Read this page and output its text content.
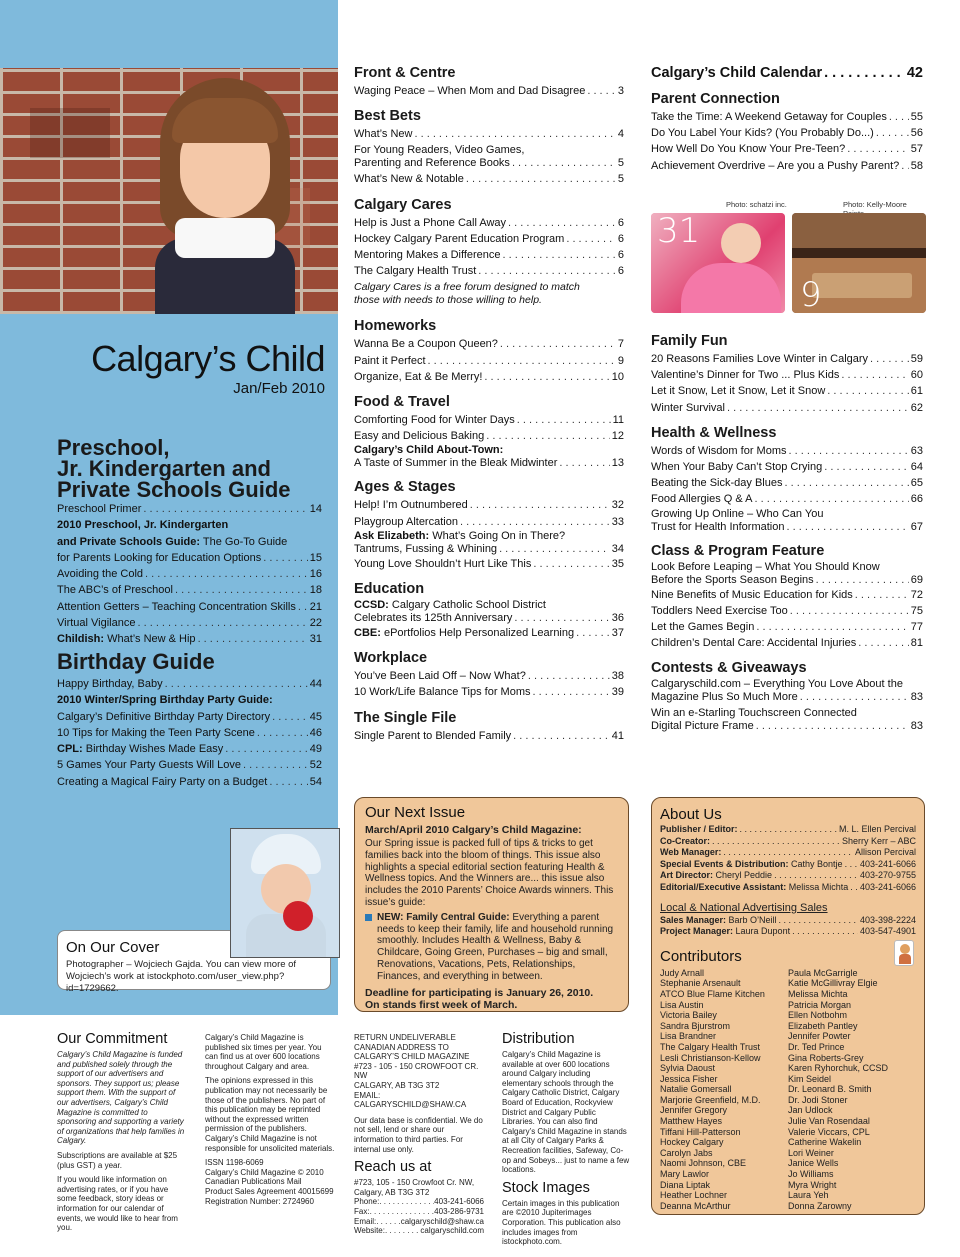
Calgary’s Child
Jan/Feb 2010
Preschool,
Jr. Kindergarten and
Private Schools Guide
Preschool Primer . . .	14
2010 Preschool, Jr. Kindergarten
and Private Schools Guide: The Go-To Guide
for Parents Looking for Education Options . . .	15
Avoiding the Cold . . .	16
The ABC’s of Preschool . . .	18
Attention Getters – Teaching Concentration Skills . . . 21
Virtual Vigilance . . .	22
Childish: What’s New & Hip . . .	31
Birthday Guide
Happy Birthday, Baby . . .	44
2010 Winter/Spring Birthday Party Guide:
Calgary’s Definitive Birthday Party Directory . . .	45
10 Tips for Making the Teen Party Scene . . .	46
CPL: Birthday Wishes Made Easy . . .	49
5 Games Your Party Guests Will Love . . .	52
Creating a Magical Fairy Party on a Budget . . .	54
On Our Cover
Photographer – Wojciech Gajda. You can view more of
Wojciech’s work at istockphoto.com/user_view.php?id=1729662.
Front & Centre
Waging Peace – When Mom and Dad Disagree . . .	3
Best Bets
What’s New . . .	4
For Young Readers, Video Games,
Parenting and Reference Books . . .	5
What’s New & Notable . . .	5
Calgary Cares
Help is Just a Phone Call Away . . .	6
Hockey Calgary Parent Education Program . . .	6
Mentoring Makes a Difference . . .	6
The Calgary Health Trust . . .	6
Calgary Cares is a free forum designed to match
those with needs to those willing to help.
Homeworks
Wanna Be a Coupon Queen? . . .	7
Paint it Perfect . . .	9
Organize, Eat & Be Merry! . . .	10
Food & Travel
Comforting Food for Winter Days . . .	11
Easy and Delicious Baking . . .	12
Calgary’s Child About-Town:
A Taste of Summer in the Bleak Midwinter . . .	13
Ages & Stages
Help! I’m Outnumbered . . .	32
Playgroup Altercation . . .	33
Ask Elizabeth: What’s Going On in There?
Tantrums, Fussing & Whining . . .	34
Young Love Shouldn’t Hurt Like This . . .	35
Education
CCSD: Calgary Catholic School District
Celebrates its 125th Anniversary . . .	36
CBE: ePortfolios Help Personalized Learning . . .	37
Workplace
You’ve Been Laid Off – Now What? . . .	38
10 Work/Life Balance Tips for Moms . . .	39
The Single File
Single Parent to Blended Family . . .	41
Calgary’s Child Calendar . . .	42
Parent Connection
Take the Time: A Weekend Getaway for Couples . . . 55
Do You Label Your Kids? (You Probably Do...) . . .	56
How Well Do You Know Your Pre-Teen? . . .	57
Achievement Overdrive – Are you a Pushy Parent? . . . 58
Photo: schatzi inc.	Photo: Kelly-Moore
31
9
Family Fun
20 Reasons Families Love Winter in Calgary . . .	59
Valentine’s Dinner for Two ... Plus Kids . . .	60
Let it Snow, Let it Snow, Let it Snow . . .	61
Winter Survival . . .	62
Health & Wellness
Words of Wisdom for Moms . . .	63
When Your Baby Can’t Stop Crying . . .	64
Beating the Sick-day Blues . . .	65
Food Allergies Q & A . . .	66
Growing Up Online – Who Can You
Trust for Health Information . . .	67
Class & Program Feature
Look Before Leaping – What You Should Know
Before the Sports Season Begins . . .	69
Nine Benefits of Music Education for Kids . . .	72
Toddlers Need Exercise Too . . .	75
Let the Games Begin . . .	77
Children’s Dental Care: Accidental Injuries . . .	81
Contests & Giveaways
Calgaryschild.com – Everything You Love About the
Magazine Plus So Much More . . .	83
Win an e-Starling Touchscreen Connected
Digital Picture Frame . . .	83
Our Next Issue
March/April 2010 Calgary’s Child Magazine:

Our Spring issue is packed full of tips & tricks to get families back into the bloom of things. This issue also highlights a special editorial section featuring Health & Wellness topics. And the Winners are... this issue also includes the 2010 Parents’ Choice Awards winners. This issue’s guide:

NEW: Family Central Guide: Everything a parent needs to keep their family, life and household running smoothly. Includes Health & Wellness, Baby & Childcare, Going Green, Purchases – big and small, Renovations, Vacations, Pets, Relationships, Finances, and everything in between.

Deadline for participating is January 26, 2010.
On stands first week of March.
About Us
Publisher / Editor: . . .	M. L. Ellen Percival
Co-Creator: . . .	Sherry Kerr – ABC
Web Manager: . . .	Allison Percival
Special Events & Distribution: Cathy Bontje . . . 403-241-6066
Art Director: Cheryl Peddie . . .	403-270-9755
Editorial/Executive Assistant: Melissa Michta . . . 403-241-6066
Local & National Advertising Sales
Sales Manager: Barb O’Neill . . .	403-398-2224
Project Manager: Laura Dupont . . .	403-547-4901
Contributors
Judy Arnall
Stephanie Arsenault
ATCO Blue Flame Kitchen
Lisa Austin
Victoria Bailey
Sandra Bjurstrom
Lisa Brandner
The Calgary Health Trust
Lesli Christianson-Kellow
Sylvia Daoust
Jessica Fisher
Natalie Gomersall
Marjorie Greenfield, M.D.
Jennifer Gregory
Matthew Hayes
Tiffani Hill-Patterson
Hockey Calgary
Carolyn Jabs
Naomi Johnson, CBE
Mary Lawlor
Diana Liptak
Heather Lochner
Deanna McArthur
Paula McGarrigle
Katie McGillivray Elgie
Melissa Michta
Patricia Morgan
Ellen Notbohm
Elizabeth Pantley
Jennifer Powter
Dr. Ted Prince
Gina Roberts-Grey
Karen Ryhorchuk, CCSD
Kim Seidel
Dr. Leonard B. Smith
Dr. Jodi Stoner
Jan Udlock
Julie Van Rosendaal
Valerie Viccars, CPL
Catherine Wakelin
Lori Weiner
Janice Wells
Jo Williams
Myra Wright
Laura Yeh
Donna Zarowny
Our Commitment

Calgary’s Child Magazine is funded and published solely through the support of our advertisers and sponsors. They support us; please support them. With the support of our advertisers, Calgary’s Child Magazine is committed to sponsoring and supporting a variety of organizations that help families in Calgary.

Subscriptions are available at $25 (plus GST) a year.

If you would like information on advertising rates, or if you have some feedback, story ideas or information for our calendar of events, we would like to hear from you.

Calgary’s Child Magazine is published six times per year. You can find us at over 600 locations throughout Calgary and area.

The opinions expressed in this publication may not necessarily be those of the publishers. No part of this publication may be reprinted without the expressed written permission of the publishers. Calgary’s Child Magazine is not responsible for unsolicited materials.

ISSN 1198-6069
Calgary’s Child Magazine © 2010
Canadian Publications Mail
Product Sales Agreement 40015699
Registration Number: 2724960
RETURN UNDELIVERABLE
CANADIAN ADDRESS TO
CALGARY’S CHILD MAGAZINE
#723 - 105 - 150 CROWFOOT CR. NW
CALGARY, AB T3G 3T2
EMAIL: CALGARYSCHILD@SHAW.CA

Our data base is confidential. We do not sell, lend or share our information to third parties. For internal use only.

Reach us at
#723, 105 - 150 Crowfoot Cr. NW,
Calgary, AB T3G 3T2
Phone: . . .	403-241-6066
Fax: . . .	403-286-9731
Email: . . .	calgaryschild@shaw.ca
Website: . . .	calgaryschild.com
Distribution

Calgary’s Child Magazine is available at over 600 locations around Calgary including elementary schools through the Calgary Catholic District, Calgary Board of Education, Rockyview District and Calgary Public Libraries. You can also find Calgary’s Child Magazine in stands at all City of Calgary Parks & Recreation facilities, Safeway, Co-op and Sobeys... just to name a few locations.

Stock Images

Certain images in this publication are ©2010 Jupiterimages Corporation. This publication also includes images from istockphoto.com.
